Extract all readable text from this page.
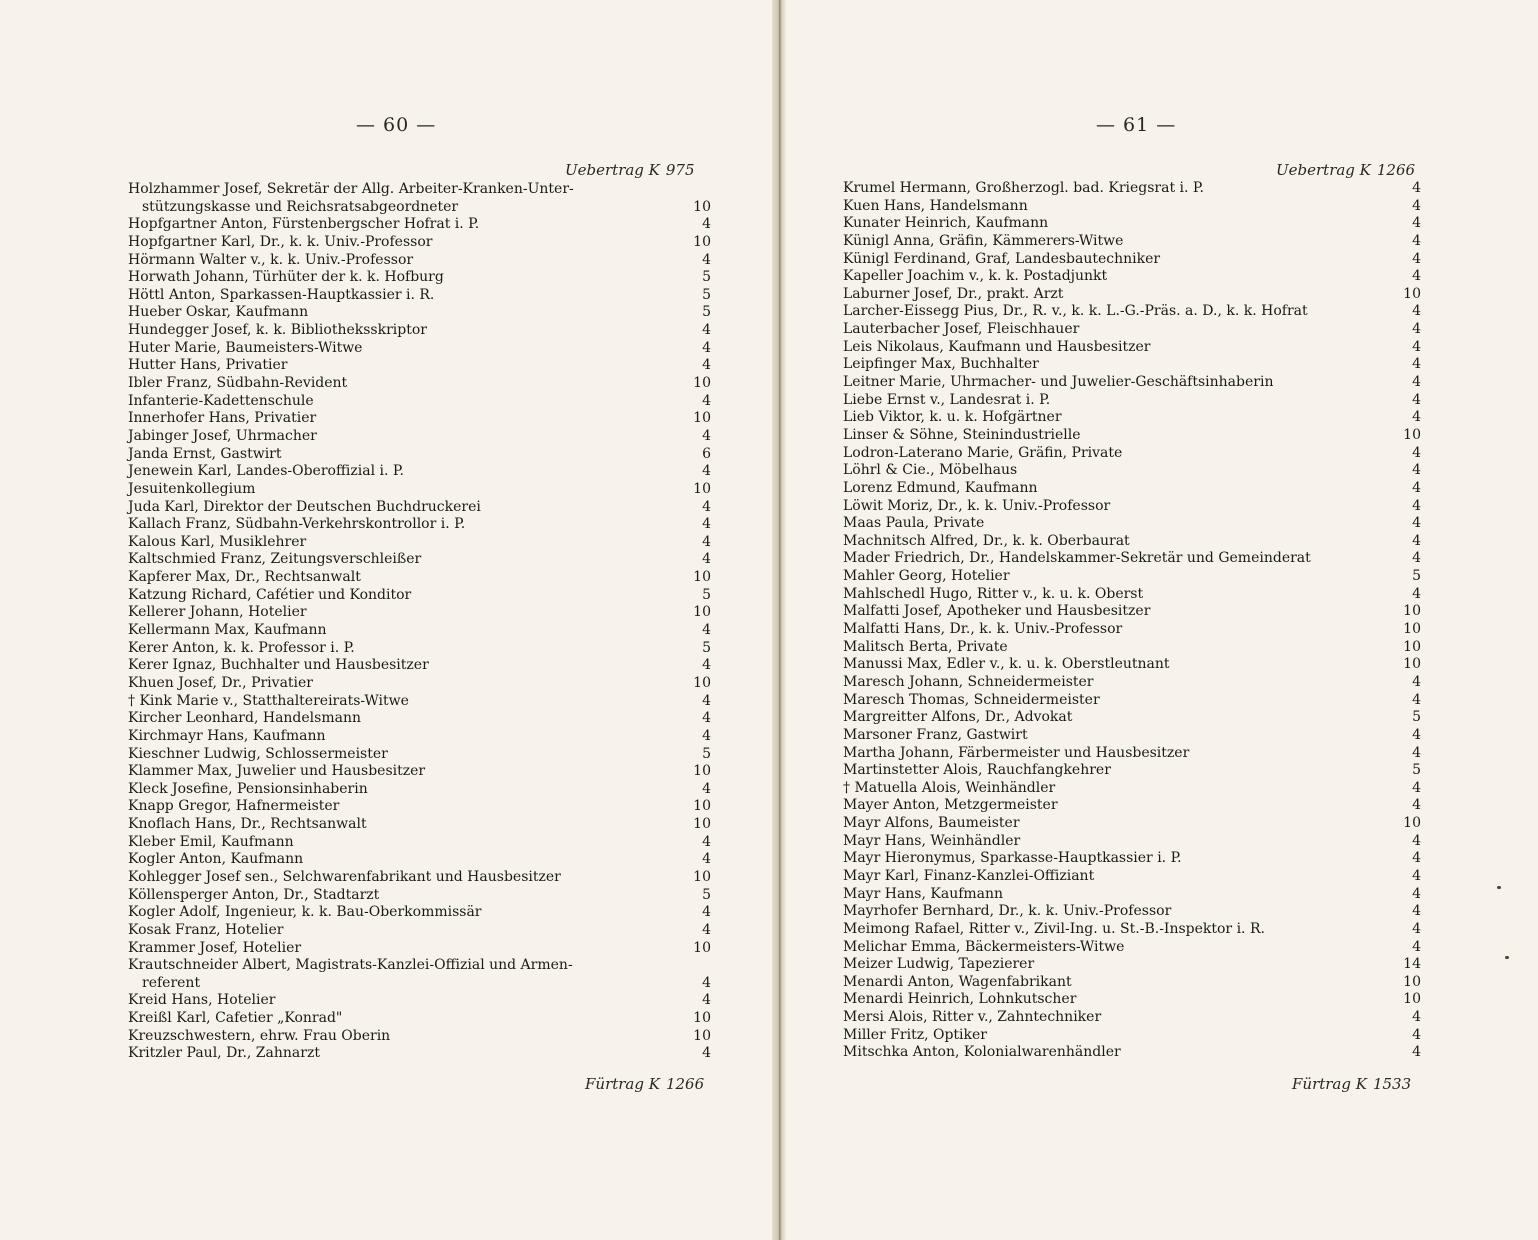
— 60 —
Uebertrag K 975
Holzhammer Josef, Sekretär der Allg. Arbeiter-Kranken-Unter-
stützungskasse und Reichsratsabgeordneter	10
Hopfgartner Anton, Fürstenbergscher Hofrat i. P.	4
Hopfgartner Karl, Dr., k. k. Univ.-Professor	10
Hörmann Walter v., k. k. Univ.-Professor	4
Horwath Johann, Türhüter der k. k. Hofburg	5
Höttl Anton, Sparkassen-Hauptkassier i. R.	5
Hueber Oskar, Kaufmann	5
Hundegger Josef, k. k. Bibliotheksskriptor	4
Huter Marie, Baumeisters-Witwe	4
Hutter Hans, Privatier	4
Ibler Franz, Südbahn-Revident	10
Infanterie-Kadettenschule	4
Innerhofer Hans, Privatier	10
Jabinger Josef, Uhrmacher	4
Janda Ernst, Gastwirt	6
Jenewein Karl, Landes-Oberoffizial i. P.	4
Jesuitenkollegium	10
Juda Karl, Direktor der Deutschen Buchdruckerei	4
Kallach Franz, Südbahn-Verkehrskontrollor i. P.	4
Kalous Karl, Musiklehrer	4
Kaltschmied Franz, Zeitungsverschleißer	4
Kapferer Max, Dr., Rechtsanwalt	10
Katzung Richard, Cafétier und Konditor	5
Kellerer Johann, Hotelier	10
Kellermann Max, Kaufmann	4
Kerer Anton, k. k. Professor i. P.	5
Kerer Ignaz, Buchhalter und Hausbesitzer	4
Khuen Josef, Dr., Privatier	10
† Kink Marie v., Statthaltereirats-Witwe	4
Kircher Leonhard, Handelsmann	4
Kirchmayr Hans, Kaufmann	4
Kieschner Ludwig, Schlossermeister	5
Klammer Max, Juwelier und Hausbesitzer	10
Kleck Josefine, Pensionsinhaberin	4
Knapp Gregor, Hafnermeister	10
Knoflach Hans, Dr., Rechtsanwalt	10
Kleber Emil, Kaufmann	4
Kogler Anton, Kaufmann	4
Kohlegger Josef sen., Selchwarenfabrikant und Hausbesitzer	10
Köllensperger Anton, Dr., Stadtarzt	5
Kogler Adolf, Ingenieur, k. k. Bau-Oberkommissär	4
Kosak Franz, Hotelier	4
Krammer Josef, Hotelier	10
Krautschneider Albert, Magistrats-Kanzlei-Offizial und Armen-
referent	4
Kreid Hans, Hotelier	4
Kreißl Karl, Cafetier „Konrad"	10
Kreuzschwestern, ehrw. Frau Oberin	10
Kritzler Paul, Dr., Zahnarzt	4
Fürtrag K 1266
— 61 —
Uebertrag K 1266
Krumel Hermann, Großherzogl. bad. Kriegsrat i. P.	4
Kuen Hans, Handelsmann	4
Kunater Heinrich, Kaufmann	4
Künigl Anna, Gräfin, Kämmerers-Witwe	4
Künigl Ferdinand, Graf, Landesbautechniker	4
Kapeller Joachim v., k. k. Postadjunkt	4
Laburner Josef, Dr., prakt. Arzt	10
Larcher-Eissegg Pius, Dr., R. v., k. k. L.-G.-Präs. a. D., k. k. Hofrat	4
Lauterbacher Josef, Fleischhauer	4
Leis Nikolaus, Kaufmann und Hausbesitzer	4
Leipfinger Max, Buchhalter	4
Leitner Marie, Uhrmacher- und Juwelier-Geschäftsinhaberin	4
Liebe Ernst v., Landesrat i. P.	4
Lieb Viktor, k. u. k. Hofgärtner	4
Linser & Söhne, Steinindustrielle	10
Lodron-Laterano Marie, Gräfin, Private	4
Löhrl & Cie., Möbelhaus	4
Lorenz Edmund, Kaufmann	4
Löwit Moriz, Dr., k. k. Univ.-Professor	4
Maas Paula, Private	4
Machnitsch Alfred, Dr., k. k. Oberbaurat	4
Mader Friedrich, Dr., Handelskammer-Sekretär und Gemeinderat	4
Mahler Georg, Hotelier	5
Mahlschedl Hugo, Ritter v., k. u. k. Oberst	4
Malfatti Josef, Apotheker und Hausbesitzer	10
Malfatti Hans, Dr., k. k. Univ.-Professor	10
Malitsch Berta, Private	10
Manussi Max, Edler v., k. u. k. Oberstleutnant	10
Maresch Johann, Schneidermeister	4
Maresch Thomas, Schneidermeister	4
Margreitter Alfons, Dr., Advokat	5
Marsoner Franz, Gastwirt	4
Martha Johann, Färbermeister und Hausbesitzer	4
Martinstetter Alois, Rauchfangkehrer	5
† Matuella Alois, Weinhändler	4
Mayer Anton, Metzgermeister	4
Mayr Alfons, Baumeister	10
Mayr Hans, Weinhändler	4
Mayr Hieronymus, Sparkasse-Hauptkassier i. P.	4
Mayr Karl, Finanz-Kanzlei-Offiziant	4
Mayr Hans, Kaufmann	4
Mayrhofer Bernhard, Dr., k. k. Univ.-Professor	4
Meimong Rafael, Ritter v., Zivil-Ing. u. St.-B.-Inspektor i. R.	4
Melichar Emma, Bäckermeisters-Witwe	4
Meizer Ludwig, Tapezierer	14
Menardi Anton, Wagenfabrikant	10
Menardi Heinrich, Lohnkutscher	10
Mersi Alois, Ritter v., Zahntechniker	4
Miller Fritz, Optiker	4
Mitschka Anton, Kolonialwarenhändler	4
Fürtrag K 1533
